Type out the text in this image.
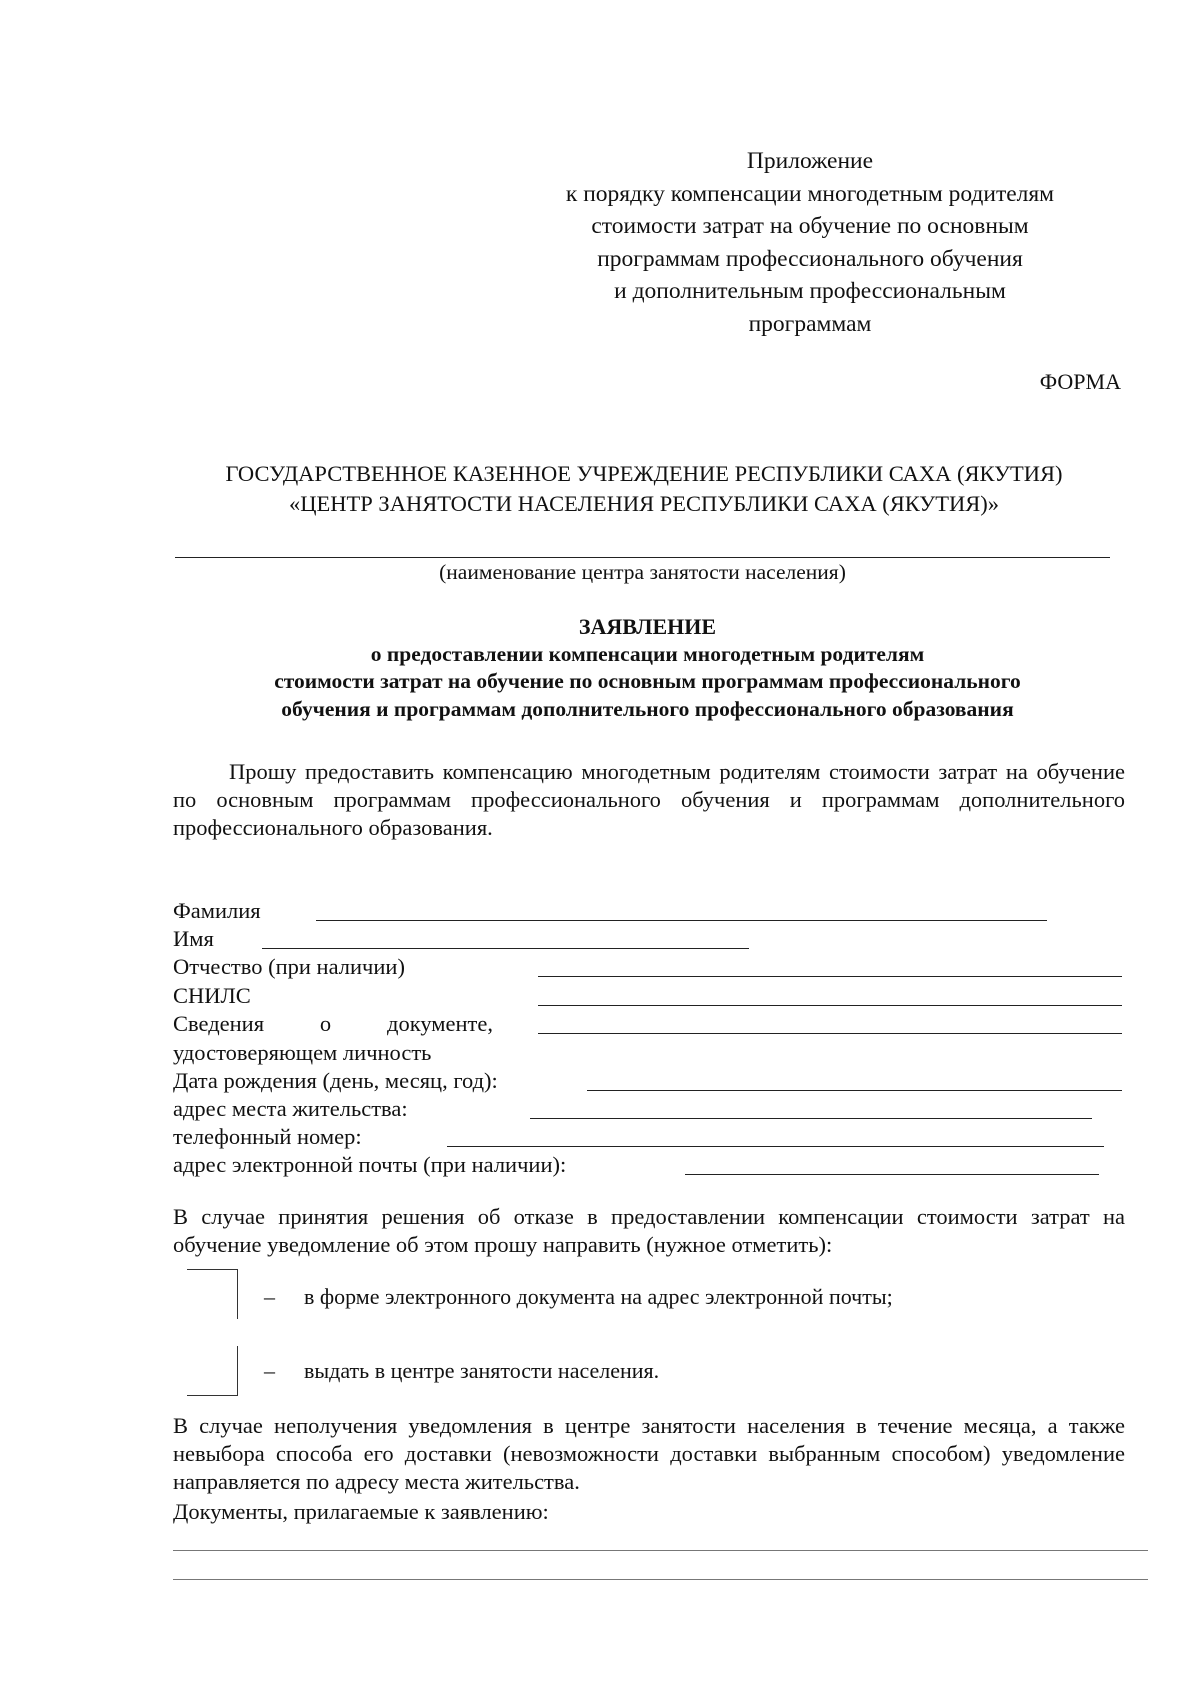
Приложение
к порядку компенсации многодетным родителям
стоимости затрат на обучение по основным
программам профессионального обучения
и дополнительным профессиональным
программам
ФОРМА
ГОСУДАРСТВЕННОЕ КАЗЕННОЕ УЧРЕЖДЕНИЕ РЕСПУБЛИКИ САХА (ЯКУТИЯ)
«ЦЕНТР ЗАНЯТОСТИ НАСЕЛЕНИЯ РЕСПУБЛИКИ САХА (ЯКУТИЯ)»
(наименование центра занятости населения)
ЗАЯВЛЕНИЕ
о предоставлении компенсации многодетным родителям
стоимости затрат на обучение по основным программам профессионального
обучения и программам дополнительного профессионального образования
Прошу предоставить компенсацию многодетным родителям стоимости затрат на обучение по основным программам профессионального обучения и программам дополнительного профессионального образования.
Фамилия
Имя
Отчество (при наличии)
СНИЛС
Сведения о документе,
удостоверяющем личность
Дата рождения (день, месяц, год):
адрес места жительства:
телефонный номер:
адрес электронной почты (при наличии):
В случае принятия решения об отказе в предоставлении компенсации стоимости затрат на обучение уведомление об этом прошу направить (нужное отметить):
– в форме электронного документа на адрес электронной почты;
– выдать в центре занятости населения.
В случае неполучения уведомления в центре занятости населения в течение месяца, а также невыбора способа его доставки (невозможности доставки выбранным способом) уведомление направляется по адресу места жительства.
Документы, прилагаемые к заявлению:
